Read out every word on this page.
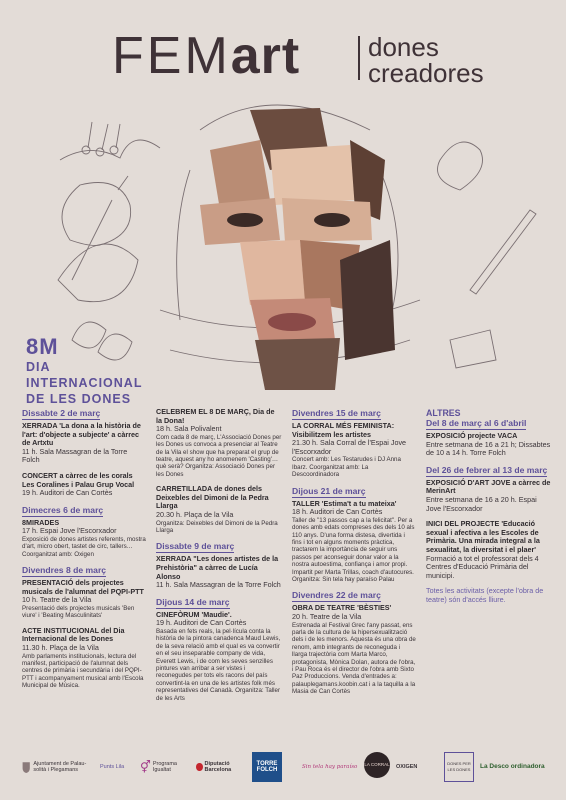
FEMart	dones
creadores
8M
DIA
INTERNACIONAL
DE LES DONES
Dissabte 2 de març
XERRADA 'La dona a la història de l'art: d'objecte a subjecte' a càrrec de Artxtu
11 h. Sala Massagran de la Torre Folch
CONCERT a càrrec de les corals Les Coralines i Palau Grup Vocal
19 h. Auditori de Can Cortès
Dimecres 6 de març
8MIRADES
17 h. Espai Jove l'Escorxador
Exposició de dones artistes referents, mostra d'art, micro obert, tastet de circ, tallers… Coorganitzat amb: Oxigen
Divendres 8 de març
PRESENTACIÓ dels projectes musicals de l'alumnat del PQPI-PTT
10 h. Teatre de la Vila
Presentació dels projectes musicals 'Ben viure' i 'Beating Masculinitats'
ACTE INSTITUCIONAL del Dia Internacional de les Dones
11.30 h. Plaça de la Vila
Amb parlaments institucionals, lectura del manifest, participació de l'alumnat dels centres de primària i secundària i del PQPI-PTT i acompanyament musical amb l'Escola Municipal de Música.
CELEBREM EL 8 DE MARÇ, Dia de la Dona!
18 h. Sala Polivalent
Com cada 8 de març, L'Associació Dones per les Dones us convoca a presenciar al Teatre de la Vila el show que ha preparat el grup de teatre, aquest any ho anomenem 'Casting'… què serà? Organitza: Associació Dones per les Dones
CARRETILLADA de dones dels Deixebles del Dimoni de la Pedra Llarga
20.30 h. Plaça de la Vila
Organitza: Deixebles del Dimoni de la Pedra Llarga
Dissabte 9 de març
XERRADA "Les dones artistes de la Prehistòria" a càrrec de Lucía Alonso
11 h. Sala Massagran de la Torre Folch
Dijous 14 de març
CINEFÒRUM 'Maudie'.
19 h. Auditori de Can Cortès
Basada en fets reals, la pel·lícula conta la història de la pintora canadenca Maud Lewis, de la seva relació amb el qual es va convertir en el seu inseparable company de vida, Everett Lewis, i de com les seves senzilles pintures van arribar a ser vistes i reconegudes per tots els racons del país convertint-la en una de les artistes folk més representatives del Canadà. Organitza: Taller de les Arts
Divendres 15 de març
LA CORRAL MÉS FEMINISTA: Visibilitzem les artistes
21.30 h. Sala Corral de l'Espai Jove l'Escorxador
Concert amb: Les Testarudes i DJ Anna Ibarz. Coorganitzat amb: La Descoordinadora
Dijous 21 de març
TALLER 'Estima't a tu mateixa'
18 h. Auditori de Can Cortès
Taller de "13 passos cap a la felicitat". Per a dones amb edats compreses des dels 10 als 110 anys. D'una forma distesa, divertida i fins i tot en alguns moments pràctica, tractarem la importància de seguir uns passos per aconseguir donar valor a la nostra autoestima, confiança i amor propi. Impartit per Marta Trillas, coach d'autocures. Organitza: Sin tela hay paraíso Palau
Divendres 22 de març
OBRA DE TEATRE 'BÈSTIES'
20 h. Teatre de la Vila
Estrenada al Festival Grec l'any passat, ens parla de la cultura de la hipersexualització dels i de les menors. Aquesta és una obra de renom, amb integrants de reconeguda i llarga trajectòria com Marta Marco, protagonista, Mònica Dolan, autora de l'obra, i Pau Roca és el director de l'obra amb Sixto Paz Produccions. Venda d'entrades a: palauplegamans.koobin.cat i a la taquilla a la Masia de Can Cortès
ALTRES
Del 8 de març al 6 d'abril
EXPOSICIÓ projecte VACA
Entre setmana de 16 a 21 h; Dissabtes de 10 a 14 h. Torre Folch
Del 26 de febrer al 13 de març
EXPOSICIÓ D'ART JOVE a càrrec de MerinArt
Entre setmana de 16 a 20 h. Espai Jove l'Escorxador
INICI DEL PROJECTE 'Educació sexual i afectiva a les Escoles de Primària. Una mirada integral a la sexualitat, la diversitat i el plaer'
Formació a tot el professorat dels 4 Centres d'Educació Primària del municipi.
Totes les activitats (excepte l'obra de teatre) són d'accés lliure.
Ajuntament de Palau-solità i Plegamans
Punts Lila ⚥ Programa Igualtat
Diputació Barcelona
TORRE FOLCH
Sin tela hay paraíso LA CORRAL OXIGEN
DONES PER LES DONES	La Desco ordinadora
